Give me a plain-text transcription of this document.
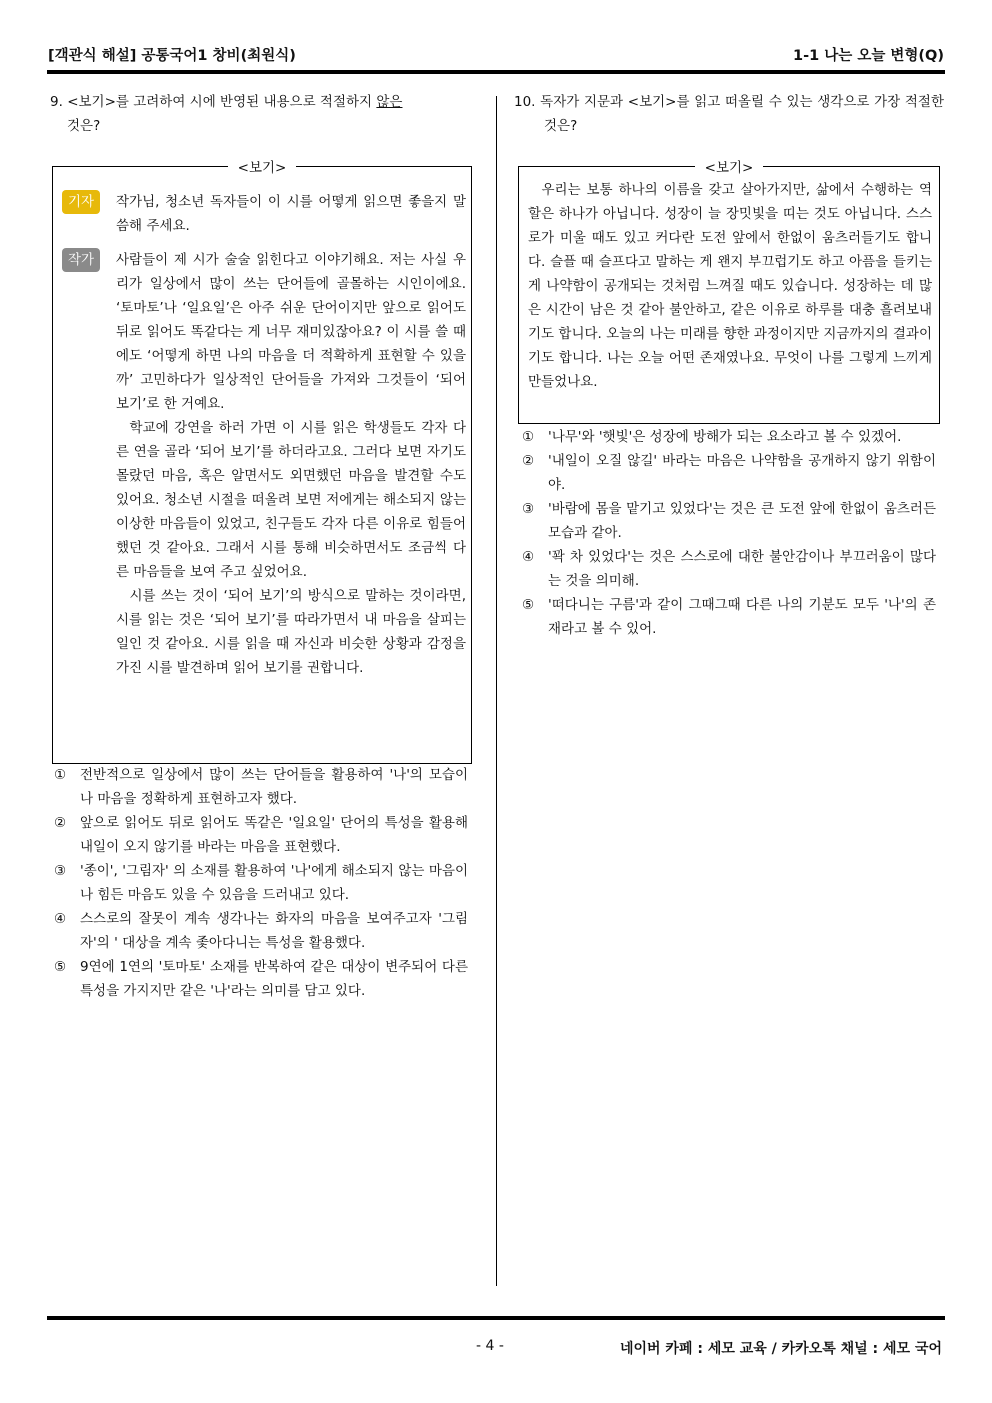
[객관식 해설] 공통국어1 창비(최원식)	1-1 나는 오늘 변형(Q)
9. <보기>를 고려하여 시에 반영된 내용으로 적절하지 않은
것은?
<보기>
기자	작가님, 청소년 독자들이 이 시를 어떻게 읽으면 좋을지 말씀해 주세요.
작가	사람들이 제 시가 술술 읽힌다고 이야기해요. 저는 사실 우리가 일상에서 많이 쓰는 단어들에 골몰하는 시인이에요. ‘토마토’나 ‘일요일’은 아주 쉬운 단어이지만 앞으로 읽어도 뒤로 읽어도 똑같다는 게 너무 재미있잖아요? 이 시를 쓸 때에도 ‘어떻게 하면 나의 마음을 더 적확하게 표현할 수 있을까’ 고민하다가 일상적인 단어들을 가져와 그것들이 ‘되어 보기’로 한 거예요.
학교에 강연을 하러 가면 이 시를 읽은 학생들도 각자 다른 연을 골라 ‘되어 보기’를 하더라고요. 그러다 보면 자기도 몰랐던 마음, 혹은 알면서도 외면했던 마음을 발견할 수도 있어요. 청소년 시절을 떠올려 보면 저에게는 해소되지 않는 이상한 마음들이 있었고, 친구들도 각자 다른 이유로 힘들어했던 것 같아요. 그래서 시를 통해 비슷하면서도 조금씩 다른 마음들을 보여 주고 싶었어요.
시를 쓰는 것이 ‘되어 보기’의 방식으로 말하는 것이라면, 시를 읽는 것은 ‘되어 보기’를 따라가면서 내 마음을 살피는 일인 것 같아요. 시를 읽을 때 자신과 비슷한 상황과 감정을 가진 시를 발견하며 읽어 보기를 권합니다.
① 전반적으로 일상에서 많이 쓰는 단어들을 활용하여 '나'의 모습이나 마음을 정확하게 표현하고자 했다.
② 앞으로 읽어도 뒤로 읽어도 똑같은 '일요일' 단어의 특성을 활용해 내일이 오지 않기를 바라는 마음을 표현했다.
③ '종이', '그림자' 의 소재를 활용하여 '나'에게 해소되지 않는 마음이나 힘든 마음도 있을 수 있음을 드러내고 있다.
④ 스스로의 잘못이 계속 생각나는 화자의 마음을 보여주고자 '그림자'의 ' 대상을 계속 좇아다니는 특성을 활용했다.
⑤ 9연에 1연의 '토마토' 소재를 반복하여 같은 대상이 변주되어 다른 특성을 가지지만 같은 '나'라는 의미를 담고 있다.
10. 독자가 지문과 <보기>를 읽고 떠올릴 수 있는 생각으로 가장 적절한 것은?
<보기>
우리는 보통 하나의 이름을 갖고 살아가지만, 삶에서 수행하는 역할은 하나가 아닙니다. 성장이 늘 장밋빛을 띠는 것도 아닙니다. 스스로가 미울 때도 있고 커다란 도전 앞에서 한없이 움츠러들기도 합니다. 슬플 때 슬프다고 말하는 게 왠지 부끄럽기도 하고 아픔을 들키는 게 나약함이 공개되는 것처럼 느껴질 때도 있습니다. 성장하는 데 많은 시간이 남은 것 같아 불안하고, 같은 이유로 하루를 대충 흘려보내기도 합니다. 오늘의 나는 미래를 향한 과정이지만 지금까지의 결과이기도 합니다. 나는 오늘 어떤 존재였나요. 무엇이 나를 그렇게 느끼게 만들었나요.
① '나무'와 '햇빛'은 성장에 방해가 되는 요소라고 볼 수 있겠어.
② '내일이 오질 않길' 바라는 마음은 나약함을 공개하지 않기 위함이야.
③ '바람에 몸을 맡기고 있었다'는 것은 큰 도전 앞에 한없이 움츠러든 모습과 같아.
④ '꽉 차 있었다'는 것은 스스로에 대한 불안감이나 부끄러움이 많다는 것을 의미해.
⑤ '떠다니는 구름'과 같이 그때그때 다른 나의 기분도 모두 '나'의 존재라고 볼 수 있어.
- 4 -	네이버 카페 : 세모 교육 / 카카오톡 채널 : 세모 국어
